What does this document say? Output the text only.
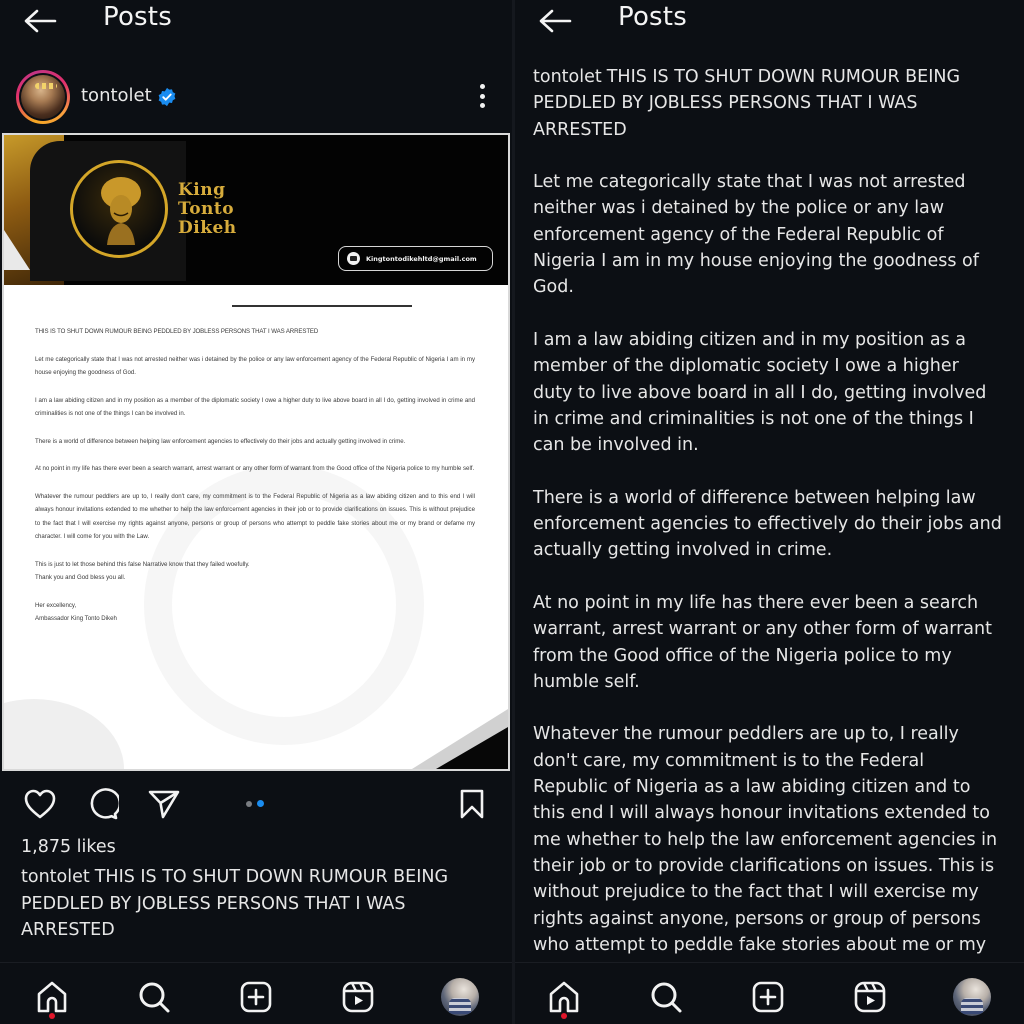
Posts
tontolet
King
Tonto
Dikeh
Kingtontodikehltd@gmail.com
THIS IS TO SHUT DOWN RUMOUR BEING PEDDLED BY JOBLESS PERSONS THAT I WAS ARRESTED

Let me categorically state that I was not arrested neither was i detained by the police or any law enforcement agency of the Federal Republic of Nigeria I am in my house enjoying the goodness of God.

I am a law abiding citizen and in my position as a member of the diplomatic society I owe a higher duty to live above board in all I do, getting involved in crime and criminalities is not one of the things I can be involved in.

There is a world of difference between helping law enforcement agencies to effectively do their jobs and actually getting involved in crime.

At no point in my life has there ever been a search warrant, arrest warrant or any other form of warrant from the Good office of the Nigeria police to my humble self.

Whatever the rumour peddlers are up to, I really don't care, my commitment is to the Federal Republic of Nigeria as a law abiding citizen and to this end I will always honour invitations extended to me whether to help the law enforcement agencies in their job or to provide clarifications on issues. This is without prejudice to the fact that I will exercise my rights against anyone, persons or group of persons who attempt to peddle fake stories about me or my brand or defame my character. I will come for you with the Law.

This is just to let those behind this false Narrative know that they failed woefully.
Thank you and God bless you all.
Her excellency,
Ambassador King Tonto Dikeh
1,875 likes
tontolet THIS IS TO SHUT DOWN RUMOUR BEING PEDDLED BY JOBLESS PERSONS THAT I WAS ARRESTED
Posts

tontolet THIS IS TO SHUT DOWN RUMOUR BEING PEDDLED BY JOBLESS PERSONS THAT I WAS ARRESTED

Let me categorically state that I was not arrested neither was i detained by the police or any law enforcement agency of the Federal Republic of Nigeria I am in my house enjoying the goodness of God.

I am a law abiding citizen and in my position as a member of the diplomatic society I owe a higher duty to live above board in all I do, getting involved in crime and criminalities is not one of the things I can be involved in.

There is a world of difference between helping law enforcement agencies to effectively do their jobs and actually getting involved in crime.

At no point in my life has there ever been a search warrant, arrest warrant or any other form of warrant from the Good office of the Nigeria police to my humble self.

Whatever the rumour peddlers are up to, I really don't care, my commitment is to the Federal Republic of Nigeria as a law abiding citizen and to this end I will always honour invitations extended to me whether to help the law enforcement agencies in their job or to provide clarifications on issues. This is without prejudice to the fact that I will exercise my rights against anyone, persons or group of persons who attempt to peddle fake stories about me or my
